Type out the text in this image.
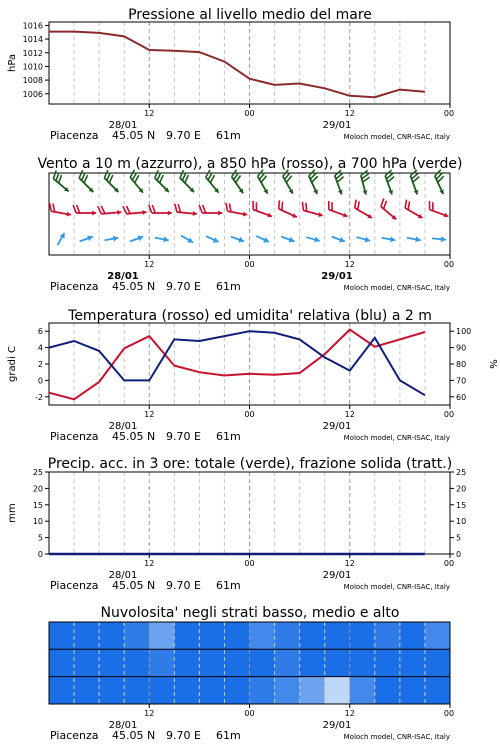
Pressione al livello medio del mare
hPa
1016
1014
1012
1010
1008
1006
12	00	12	00
28/01	29/01
Piacenza 45.05 N 9.70 E 61m	Moloch model, CNR-ISAC, Italy
Vento a 10 m (azzurro), a 850 hPa (rosso), a 700 hPa (verde)
12	00	12	00
28/01	29/01
Piacenza 45.05 N 9.70 E 61m	Moloch model, CNR-ISAC, Italy
Temperatura (rosso) ed umidita' relativa (blu) a 2 m
gradi C	%
6
4
2
0
-2
100
90
80
70
60
12	00	12	00
28/01	29/01
Piacenza 45.05 N 9.70 E 61m	Moloch model, CNR-ISAC, Italy
Precip. acc. in 3 ore: totale (verde), frazione solida (tratt.)
mm
25
20
15
10
5
0
25
20
15
10
5
0
12	00	12	00
28/01	29/01
Piacenza 45.05 N 9.70 E 61m	Moloch model, CNR-ISAC, Italy
Nuvolosita' negli strati basso, medio e alto
12	00	12	00
28/01	29/01
Piacenza 45.05 N 9.70 E 61m	Moloch model, CNR-ISAC, Italy
